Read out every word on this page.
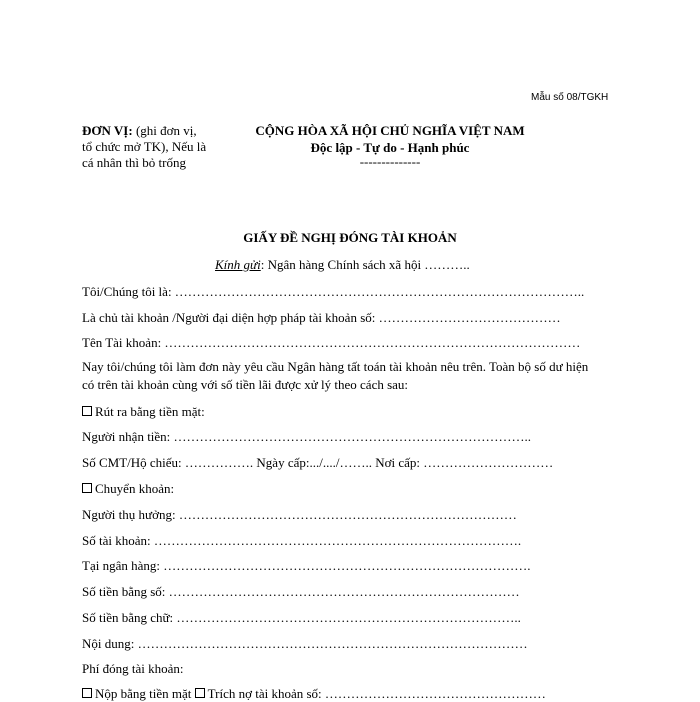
Mẫu số 08/TGKH
ĐƠN VỊ: (ghi đơn vị, tổ chức mở TK), Nếu là cá nhân thì bỏ trống
CỘNG HÒA XÃ HỘI CHỦ NGHĨA VIỆT NAM
Độc lập - Tự do - Hạnh phúc
--------------
GIẤY ĐỀ NGHỊ ĐÓNG TÀI KHOẢN
Kính gửi: Ngân hàng Chính sách xã hội ………..
Tôi/Chúng tôi là: …………………………………………………………………………………..
Là chủ tài khoản /Người đại diện hợp pháp tài khoản số: ……………………………………
Tên Tài khoản: ……………………………………………………………………………………
Nay tôi/chúng tôi làm đơn này yêu cầu Ngân hàng tất toán tài khoản nêu trên. Toàn bộ số dư hiện có trên tài khoản cùng với số tiền lãi được xử lý theo cách sau:
Rút ra bằng tiền mặt:
Người nhận tiền: ………………………………………………………………………..
Số CMT/Hộ chiếu: ……………. Ngày cấp:.../..../…….. Nơi cấp: …………………………
Chuyển khoản:
Người thụ hưởng: ……………………………………………………………………
Số tài khoản: ………………………………………………………………………….
Tại ngân hàng: ………………………………………………………………………….
Số tiền bằng số: ………………………………………………………………………
Số tiền bằng chữ: ……………………………………………………………………..
Nội dung: ………………………………………………………………………………
Phí đóng tài khoản:
Nộp bằng tiền mặt Trích nợ tài khoản số: ……………………………………………
